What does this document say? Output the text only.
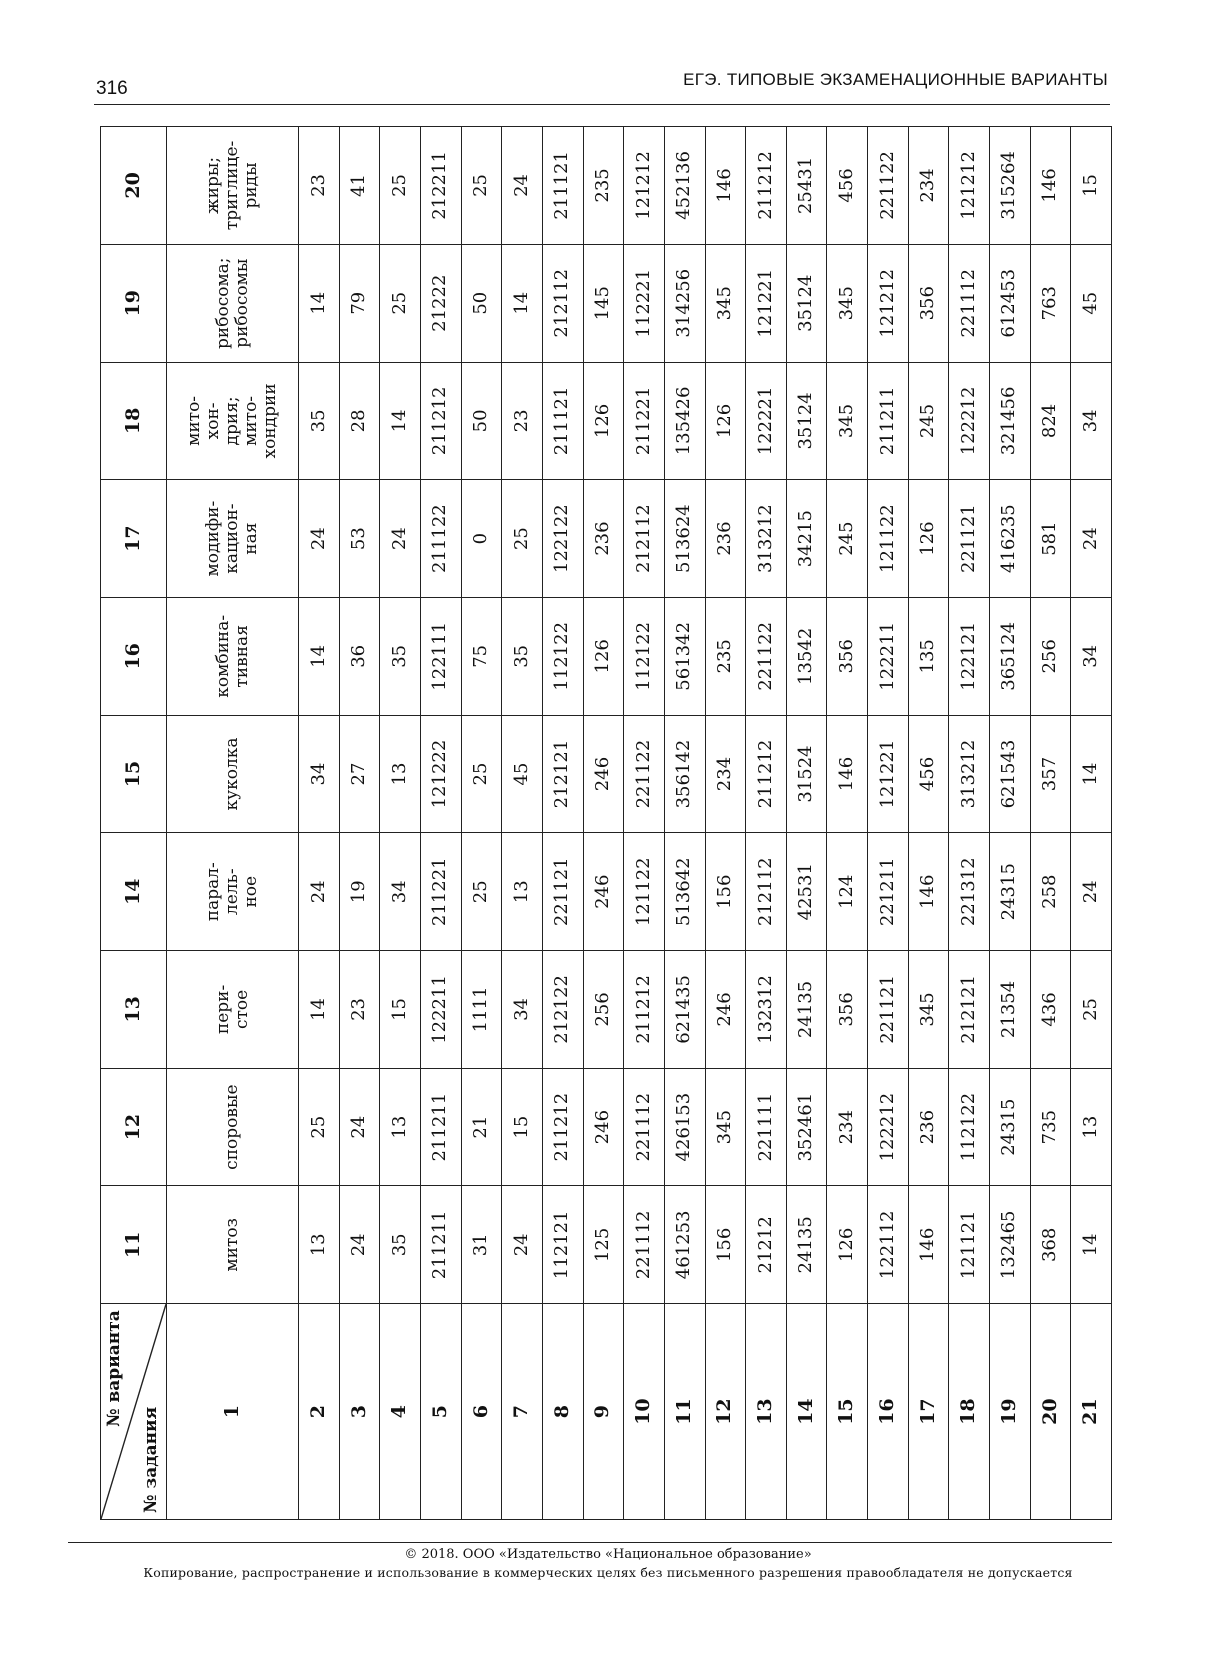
316	ЕГЭ. ТИПОВЫЕ ЭКЗАМЕНАЦИОННЫЕ ВАРИАНТЫ
№ варианта
№ задания	11	12	13	14	15	16	17	18	19	20
1	митоз	споровые	пери-
стое	парал-
лель-
ное	куколка	комбина-
тивная	модифи-
кацион-
ная	мито-
хон-
дрия;
мито-
хондрии	рибосома;
рибосомы	жиры;
триглице-
риды
2	13	25	14	24	34	14	24	35	14	23
3	24	24	23	19	27	36	53	28	79	41
4	35	13	15	34	13	35	24	14	25	25
5	211211	211211	122211	211221	121222	122111	211122	211212	21222	212211
6	31	21	1111	25	25	75	0	50	50	25
7	24	15	34	13	45	35	25	23	14	24
8	112121	211212	212122	221121	212121	112122	122122	211121	212112	211121
9	125	246	256	246	246	126	236	126	145	235
10	221112	221112	211212	121122	221122	112122	212112	211221	112221	121212
11	461253	426153	621435	513642	356142	561342	513624	135426	314256	452136
12	156	345	246	156	234	235	236	126	345	146
13	21212	221111	132312	212112	211212	221122	313212	122221	121221	211212
14	24135	352461	24135	42531	31524	13542	34215	35124	35124	25431
15	126	234	356	124	146	356	245	345	345	456
16	122112	122212	221121	221211	121221	122211	121122	211211	121212	221122
17	146	236	345	146	456	135	126	245	356	234
18	121121	112122	212121	221312	313212	122121	221121	122212	221112	121212
19	132465	24315	21354	24315	621543	365124	416235	321456	612453	315264
20	368	735	436	258	357	256	581	824	763	146
21	14	13	25	24	14	34	24	34	45	15
© 2018. ООО «Издательство «Национальное образование»
Копирование, распространение и использование в коммерческих целях без письменного разрешения правообладателя не допускается
